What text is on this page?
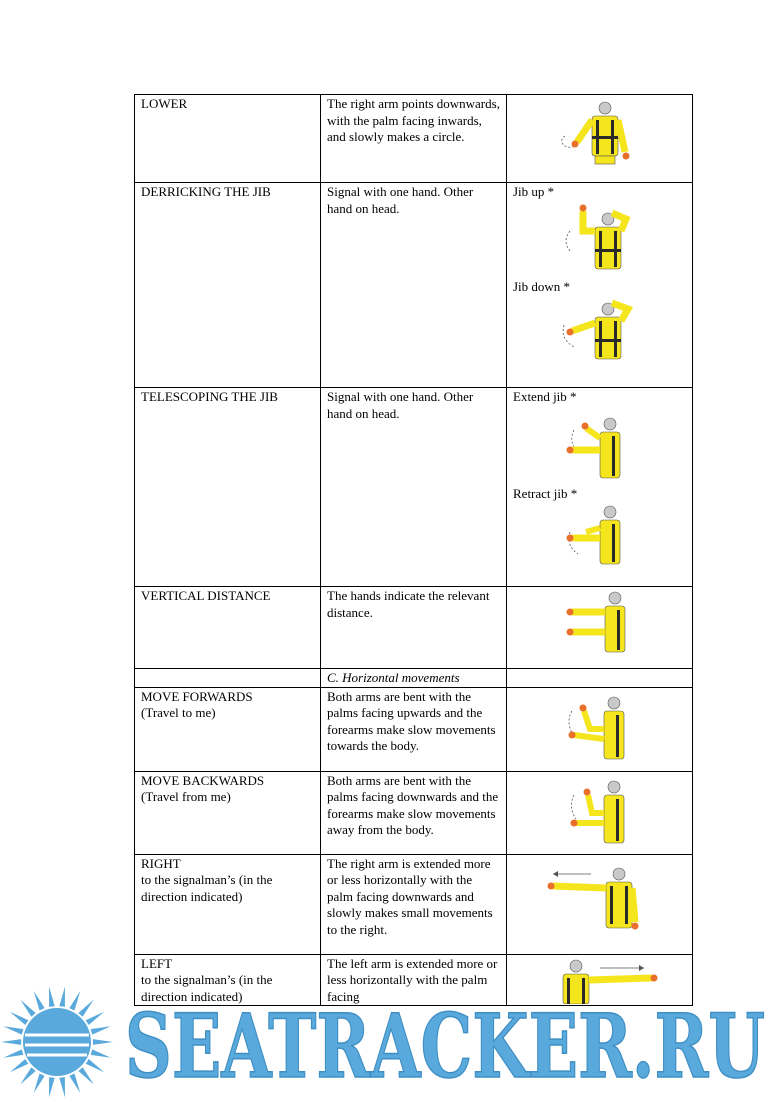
LOWER	The right arm points downwards, with the palm facing inwards, and slowly makes a circle.	

DERRICKING THE JIB	Signal with one hand. Other hand on head.	Jib up *
Jib down *

TELESCOPING THE JIB	Signal with one hand. Other hand on head.	Extend jib *
Retract jib *

VERTICAL DISTANCE	The hands indicate the relevant distance.	

	C. Horizontal movements	

MOVE FORWARDS
(Travel to me)	Both arms are bent with the palms facing upwards and the forearms make slow movements towards the body.	

MOVE BACKWARDS
(Travel from me)	Both arms are bent with the palms facing downwards and the forearms make slow movements away from the body.	

RIGHT
to the signalman’s (in the direction indicated)	The right arm is extended more or less horizontally with the palm facing downwards and slowly makes small movements to the right.	

LEFT
to the signalman’s (in the direction indicated)	The left arm is extended more or less horizontally with the palm facing	
SEATRACKER.RU
